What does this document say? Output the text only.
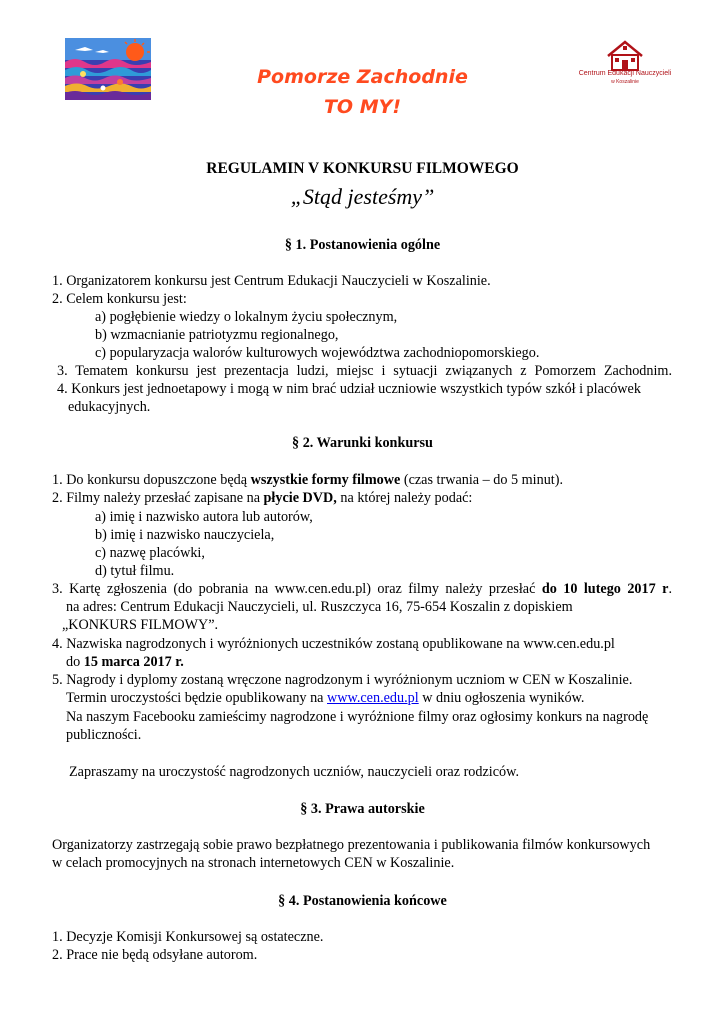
Centrum Edukacji Nauczycieli
w Koszalinie
Pomorze Zachodnie
TO MY!
REGULAMIN V KONKURSU FILMOWEGO
„Stąd jesteśmy”
§ 1. Postanowienia ogólne
1. Organizatorem konkursu jest Centrum Edukacji Nauczycieli w Koszalinie.
2. Celem konkursu jest:
a) pogłębienie wiedzy o lokalnym życiu społecznym,
b) wzmacnianie patriotyzmu regionalnego,
c) popularyzacja walorów kulturowych województwa zachodniopomorskiego.
3. Tematem konkursu jest prezentacja ludzi, miejsc i sytuacji związanych z Pomorzem Zachodnim.
4. Konkurs jest jednoetapowy i mogą w nim brać udział uczniowie wszystkich typów szkół i placówek
edukacyjnych.
§ 2. Warunki konkursu
1. Do konkursu dopuszczone będą wszystkie formy filmowe (czas trwania – do 5 minut).
2. Filmy należy przesłać zapisane na płycie DVD, na której należy podać:
a) imię i nazwisko autora lub autorów,
b) imię i nazwisko nauczyciela,
c) nazwę placówki,
d) tytuł filmu.
3. Kartę zgłoszenia (do pobrania na www.cen.edu.pl) oraz filmy należy przesłać do 10 lutego 2017 r.
na adres: Centrum Edukacji Nauczycieli, ul. Ruszczyca 16, 75-654 Koszalin z dopiskiem
„KONKURS FILMOWY”.
4. Nazwiska nagrodzonych i wyróżnionych uczestników zostaną opublikowane na www.cen.edu.pl
do 15 marca 2017 r.
5. Nagrody i dyplomy zostaną wręczone nagrodzonym i wyróżnionym uczniom w CEN w Koszalinie.
Termin uroczystości będzie opublikowany na www.cen.edu.pl w dniu ogłoszenia wyników.
Na naszym Facebooku zamieścimy nagrodzone i wyróżnione filmy oraz ogłosimy konkurs na nagrodę
publiczności.
Zapraszamy na uroczystość nagrodzonych uczniów, nauczycieli oraz rodziców.
§ 3. Prawa autorskie
Organizatorzy zastrzegają sobie prawo bezpłatnego prezentowania i publikowania filmów konkursowych
w celach promocyjnych na stronach internetowych CEN w Koszalinie.
§ 4. Postanowienia końcowe
1. Decyzje Komisji Konkursowej są ostateczne.
2. Prace nie będą odsyłane autorom.
